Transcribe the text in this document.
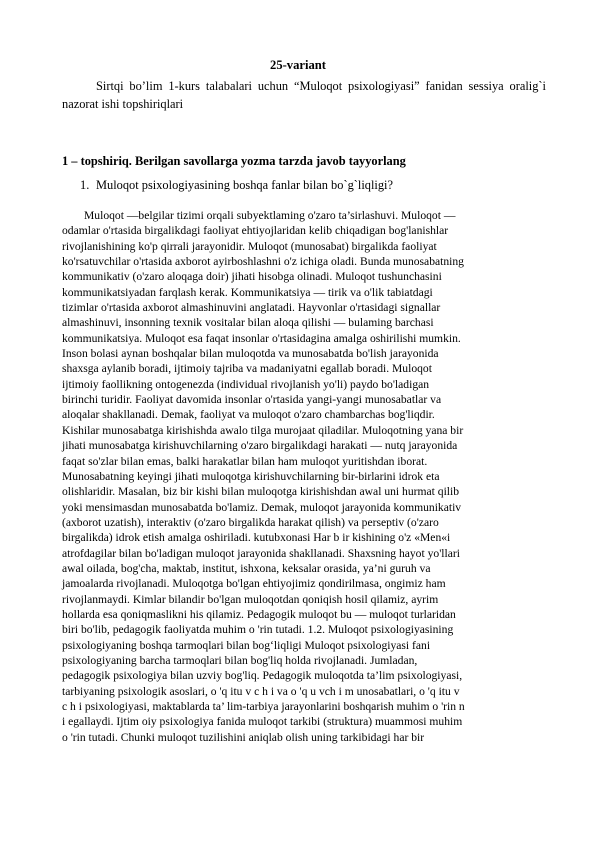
25-variant
Sirtqi bo’lim 1-kurs talabalari uchun “Muloqot psixologiyasi” fanidan sessiya oralig`i nazorat ishi topshiriqlari
1 – topshiriq. Berilgan savollarga yozma tarzda javob tayyorlang
1. Muloqot psixologiyasining boshqa fanlar bilan bo`g`liqligi?
Muloqot —belgilar tizimi orqali subyektlaming o'zaro ta’sirlashuvi. Muloqot —
odamlar o'rtasida birgalikdagi faoliyat ehtiyojlaridan kelib chiqadigan bog'lanishlar
rivojlanishining ko'p qirrali jarayonidir. Muloqot (munosabat) birgalikda faoliyat
ko'rsatuvchilar o'rtasida axborot ayirboshlashni o'z ichiga oladi. Bunda munosabatning
kommunikativ (o'zaro aloqaga doir) jihati hisobga olinadi. Muloqot tushunchasini
kommunikatsiyadan farqlash kerak. Kommunikatsiya — tirik va o'lik tabiatdagi
tizimlar o'rtasida axborot almashinuvini anglatadi. Hayvonlar o'rtasidagi signallar
almashinuvi, insonning texnik vositalar bilan aloqa qilishi — bulaming barchasi
kommunikatsiya. Muloqot esa faqat insonlar o'rtasidagina amalga oshirilishi mumkin.
Inson bolasi aynan boshqalar bilan muloqotda va munosabatda bo'lish jarayonida
shaxsga aylanib boradi, ijtimoiy tajriba va madaniyatni egallab boradi. Muloqot
ijtimoiy faollikning ontogenezda (individual rivojlanish yo'li) paydo bo'ladigan
birinchi turidir. Faoliyat davomida insonlar o'rtasida yangi-yangi munosabatlar va
aloqalar shakllanadi. Demak, faoliyat va muloqot o'zaro chambarchas bog'liqdir.
Kishilar munosabatga kirishishda awalo tilga murojaat qiladilar. Muloqotning yana bir
jihati munosabatga kirishuvchilarning o'zaro birgalikdagi harakati — nutq jarayonida
faqat so'zlar bilan emas, balki harakatlar bilan ham muloqot yuritishdan iborat.
Munosabatning keyingi jihati muloqotga kirishuvchilarning bir-birlarini idrok eta
olishlaridir. Masalan, biz bir kishi bilan muloqotga kirishishdan awal uni hurmat qilib
yoki mensimasdan munosabatda bo'lamiz. Demak, muloqot jarayonida kommunikativ
(axborot uzatish), interaktiv (o'zaro birgalikda harakat qilish) va perseptiv (o'zaro
birgalikda) idrok etish amalga oshiriladi. kutubxonasi Har b ir kishining o'z «Men«i
atrofdagilar bilan bo'ladigan muloqot jarayonida shakllanadi. Shaxsning hayot yo'llari
awal oilada, bog'cha, maktab, institut, ishxona, keksalar orasida, ya’ni guruh va
jamoalarda rivojlanadi. Muloqotga bo'lgan ehtiyojimiz qondirilmasa, ongimiz ham
rivojlanmaydi. Kimlar bilandir bo'lgan muloqotdan qoniqish hosil qilamiz, ayrim
hollarda esa qoniqmaslikni his qilamiz. Pedagogik muloqot bu — muloqot turlaridan
biri bo'lib, pedagogik faoliyatda muhim o 'rin tutadi. 1.2. Muloqot psixologiyasining
psixologiyaning boshqa tarmoqlari bilan bog‘liqligi Muloqot psixologiyasi fani
psixologiyaning barcha tarmoqlari bilan bog'liq holda rivojlanadi. Jumladan,
pedagogik psixologiya bilan uzviy bog'liq. Pedagogik muloqotda ta’lim psixologiyasi,
tarbiyaning psixologik asoslari, o 'q itu v c h i va o 'q u vch i m unosabatlari, o 'q itu v
c h i psixologiyasi, maktablarda ta’ lim-tarbiya jarayonlarini boshqarish muhim o 'rin n
i egallaydi. Ijtim oiy psixologiya fanida muloqot tarkibi (struktura) muammosi muhim
o 'rin tutadi. Chunki muloqot tuzilishini aniqlab olish uning tarkibidagi har bir
